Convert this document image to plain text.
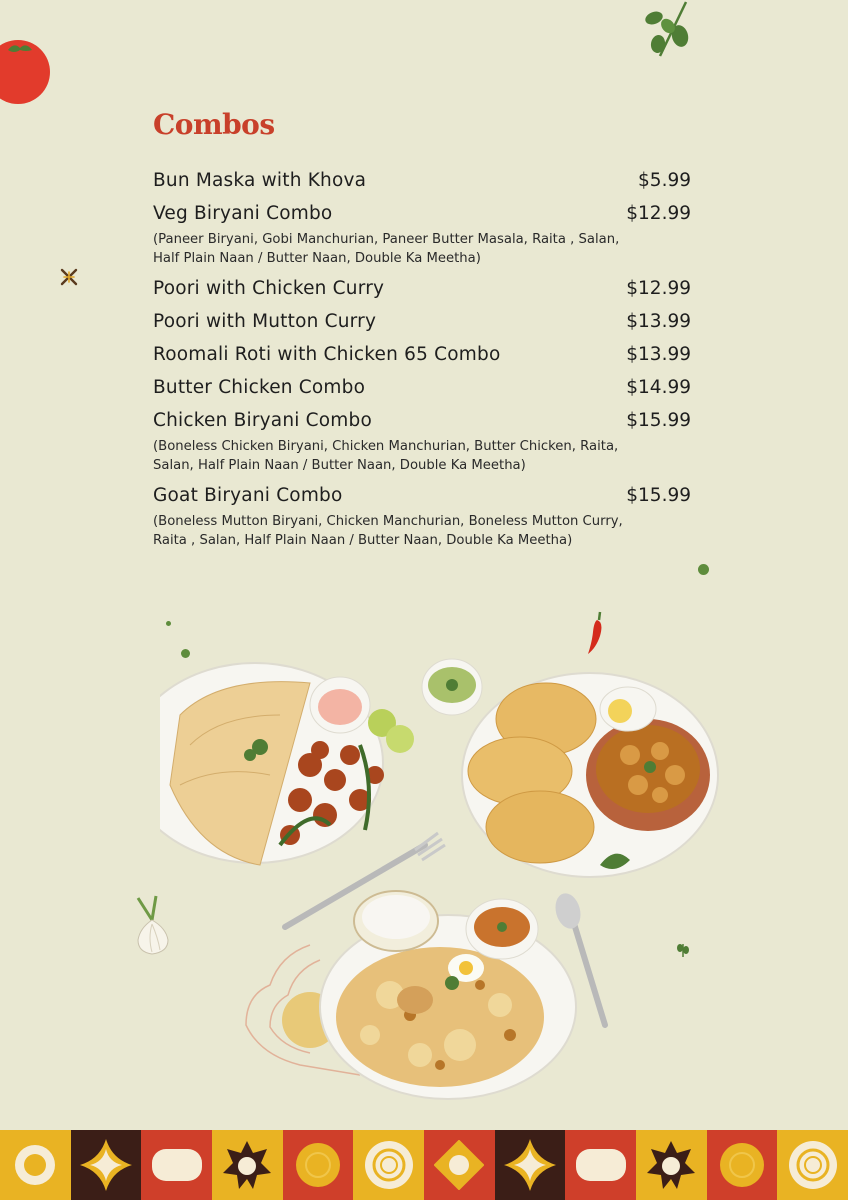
Combos
Bun Maska with Khova	$5.99
Veg Biryani Combo	$12.99
(Paneer Biryani, Gobi Manchurian, Paneer Butter Masala, Raita , Salan, Half Plain Naan / Butter Naan, Double Ka Meetha)
Poori with Chicken Curry	$12.99
Poori with Mutton Curry	$13.99
Roomali Roti with Chicken 65 Combo	$13.99
Butter Chicken Combo	$14.99
Chicken Biryani Combo	$15.99
(Boneless Chicken Biryani, Chicken Manchurian, Butter Chicken, Raita, Salan, Half Plain Naan / Butter Naan, Double Ka Meetha)
Goat Biryani Combo	$15.99
(Boneless Mutton Biryani, Chicken Manchurian, Boneless Mutton Curry, Raita , Salan, Half Plain Naan / Butter Naan, Double Ka Meetha)
